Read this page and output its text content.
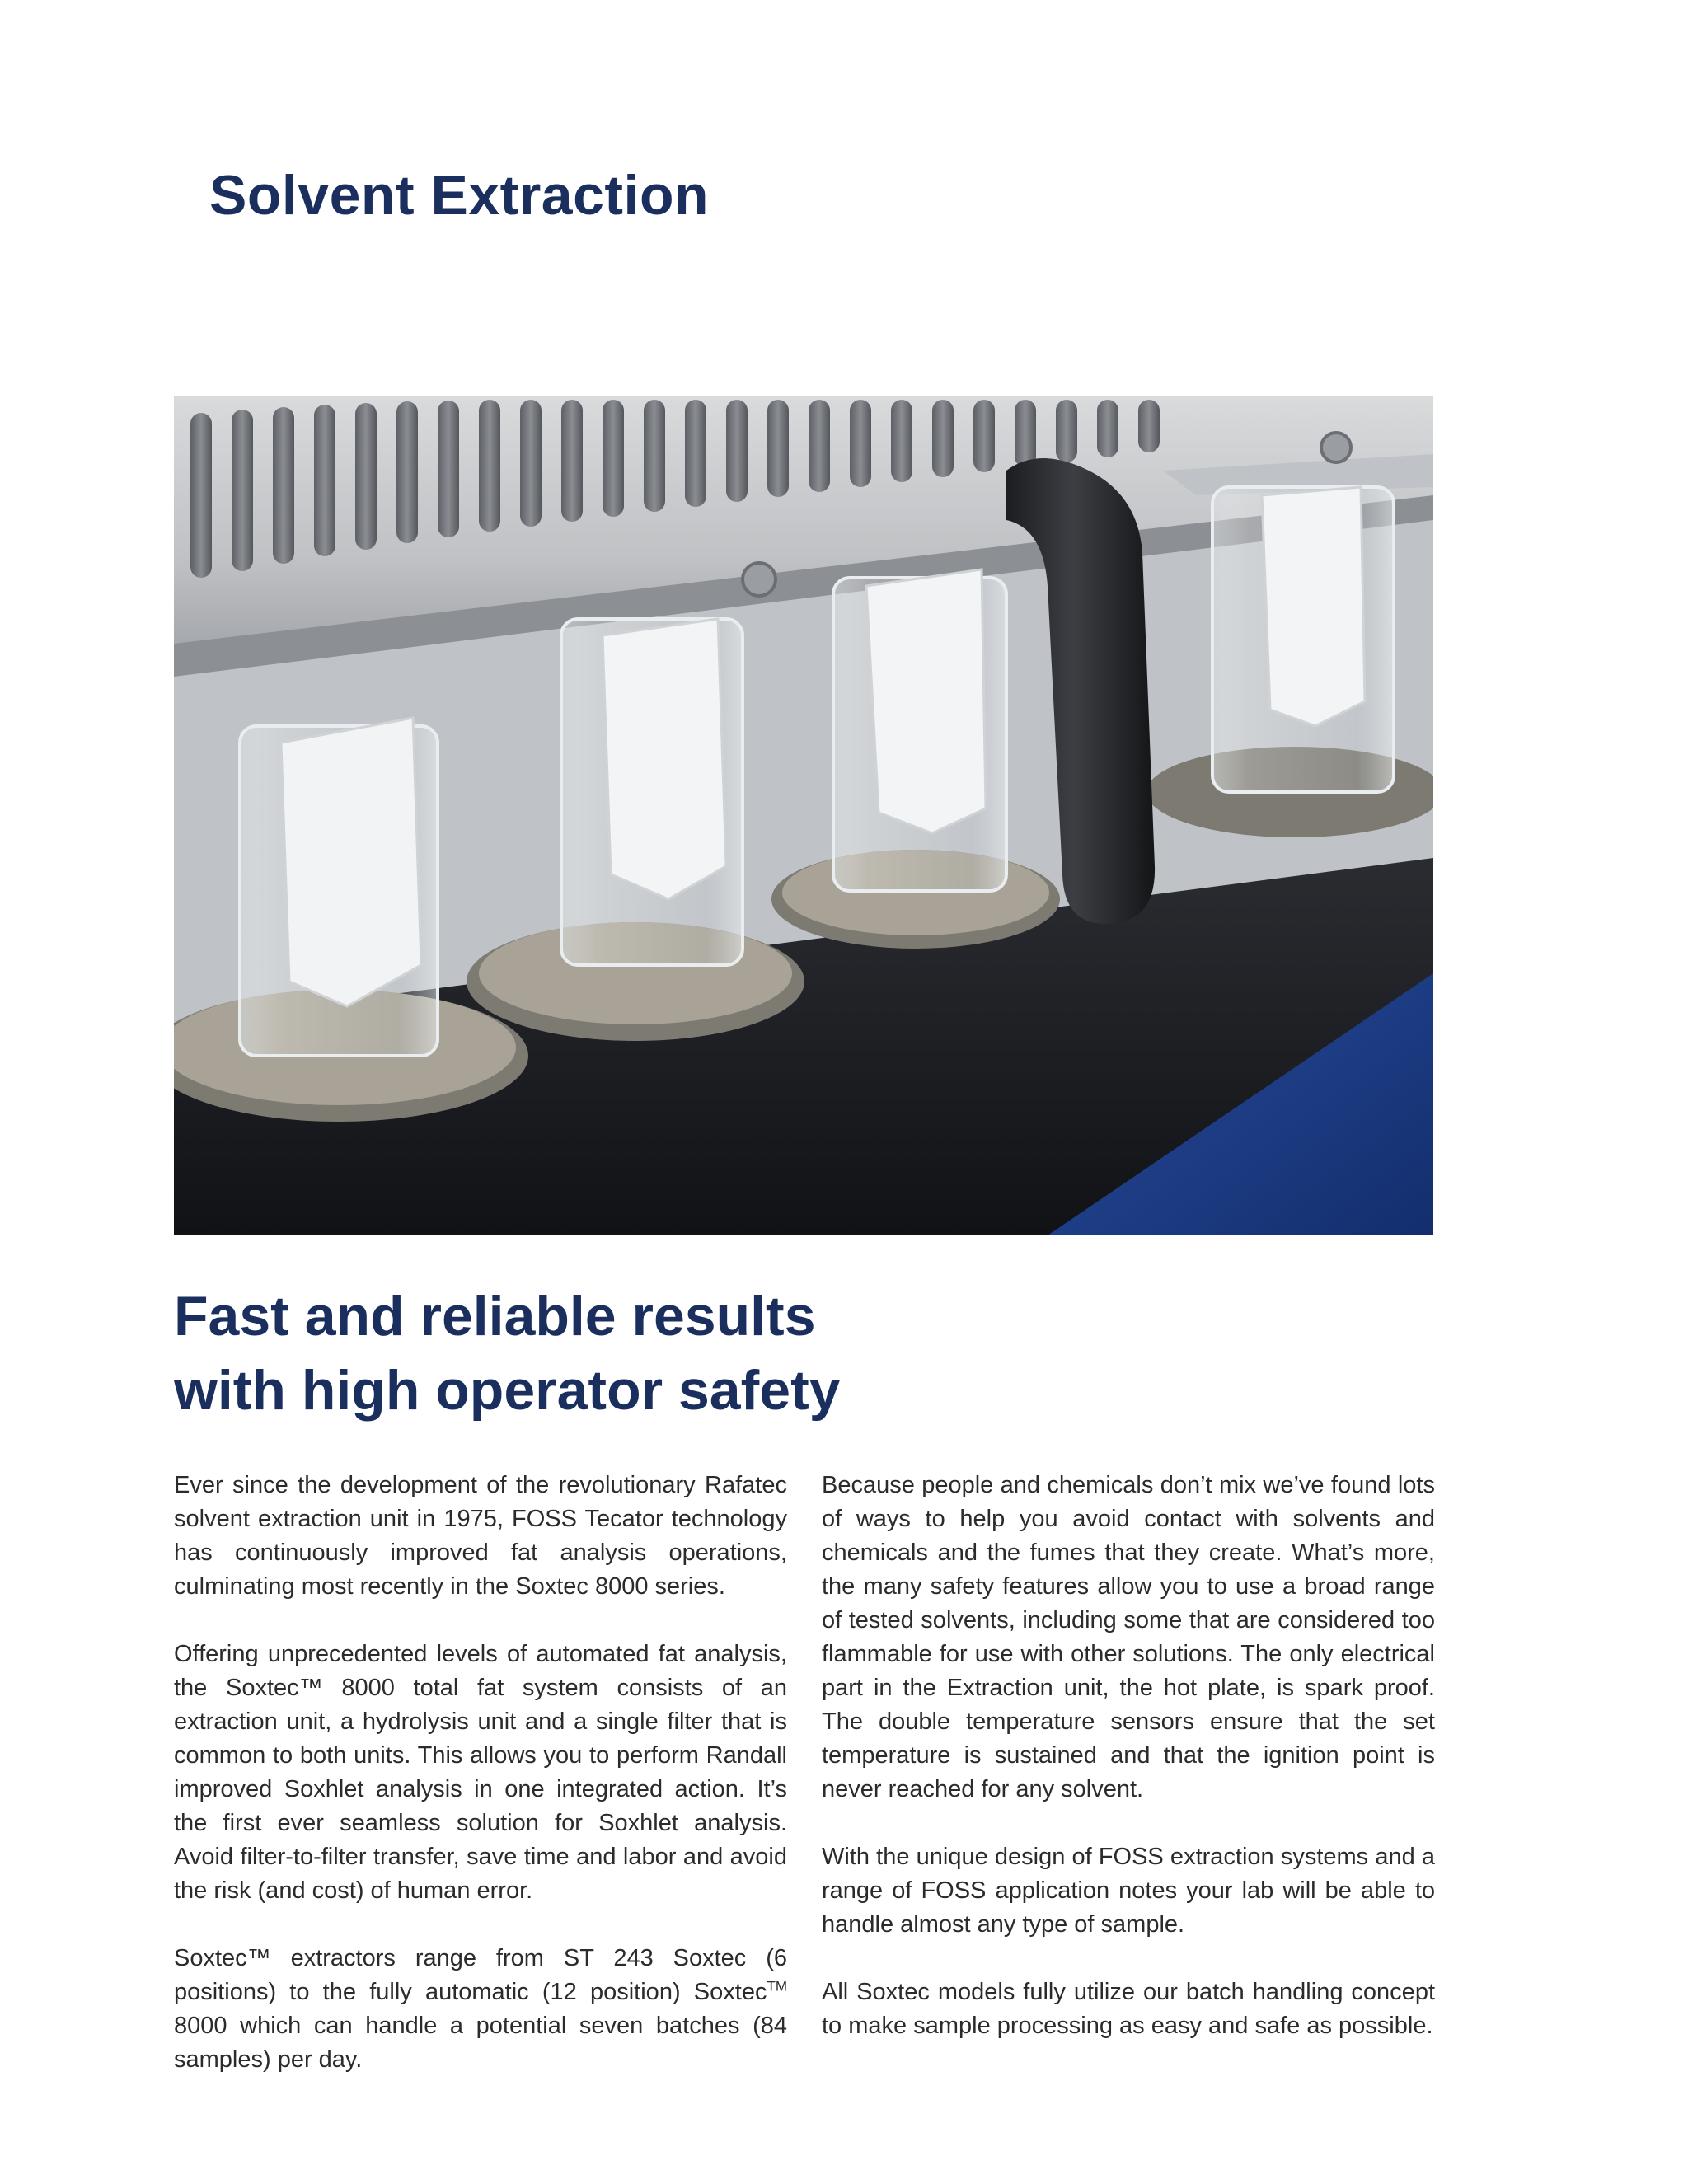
Solvent Extraction
Fast and reliable results
with high operator safety

Ever since the development of the revolutionary Rafatec solvent extraction unit in 1975, FOSS Tecator technology has continuously improved fat analysis operations, culminating most recently in the Soxtec 8000 series.

Offering unprecedented levels of automated fat analysis, the Soxtec™ 8000 total fat system consists of an extraction unit, a hydrolysis unit and a single filter that is common to both units. This allows you to perform Randall improved Soxhlet analysis in one integrated action. It’s the first ever seamless solution for Soxhlet analysis. Avoid filter-to-filter transfer, save time and labor and avoid the risk (and cost) of human error.

Soxtec™ extractors range from ST 243 Soxtec (6 positions) to the fully automatic (12 position) Soxtec™ 8000 which can handle a potential seven batches (84 samples) per day.

Because people and chemicals don’t mix we’ve found lots of ways to help you avoid contact with solvents and chemicals and the fumes that they create. What’s more, the many safety features allow you to use a broad range of tested solvents, including some that are considered too flammable for use with other solutions. The only electrical part in the Extraction unit, the hot plate, is spark proof. The double temperature sensors ensure that the set temperature is sustained and that the ignition point is never reached for any solvent.

With the unique design of FOSS extraction systems and a range of FOSS application notes your lab will be able to handle almost any type of sample.

All Soxtec models fully utilize our batch handling concept to make sample processing as easy and safe as possible.
